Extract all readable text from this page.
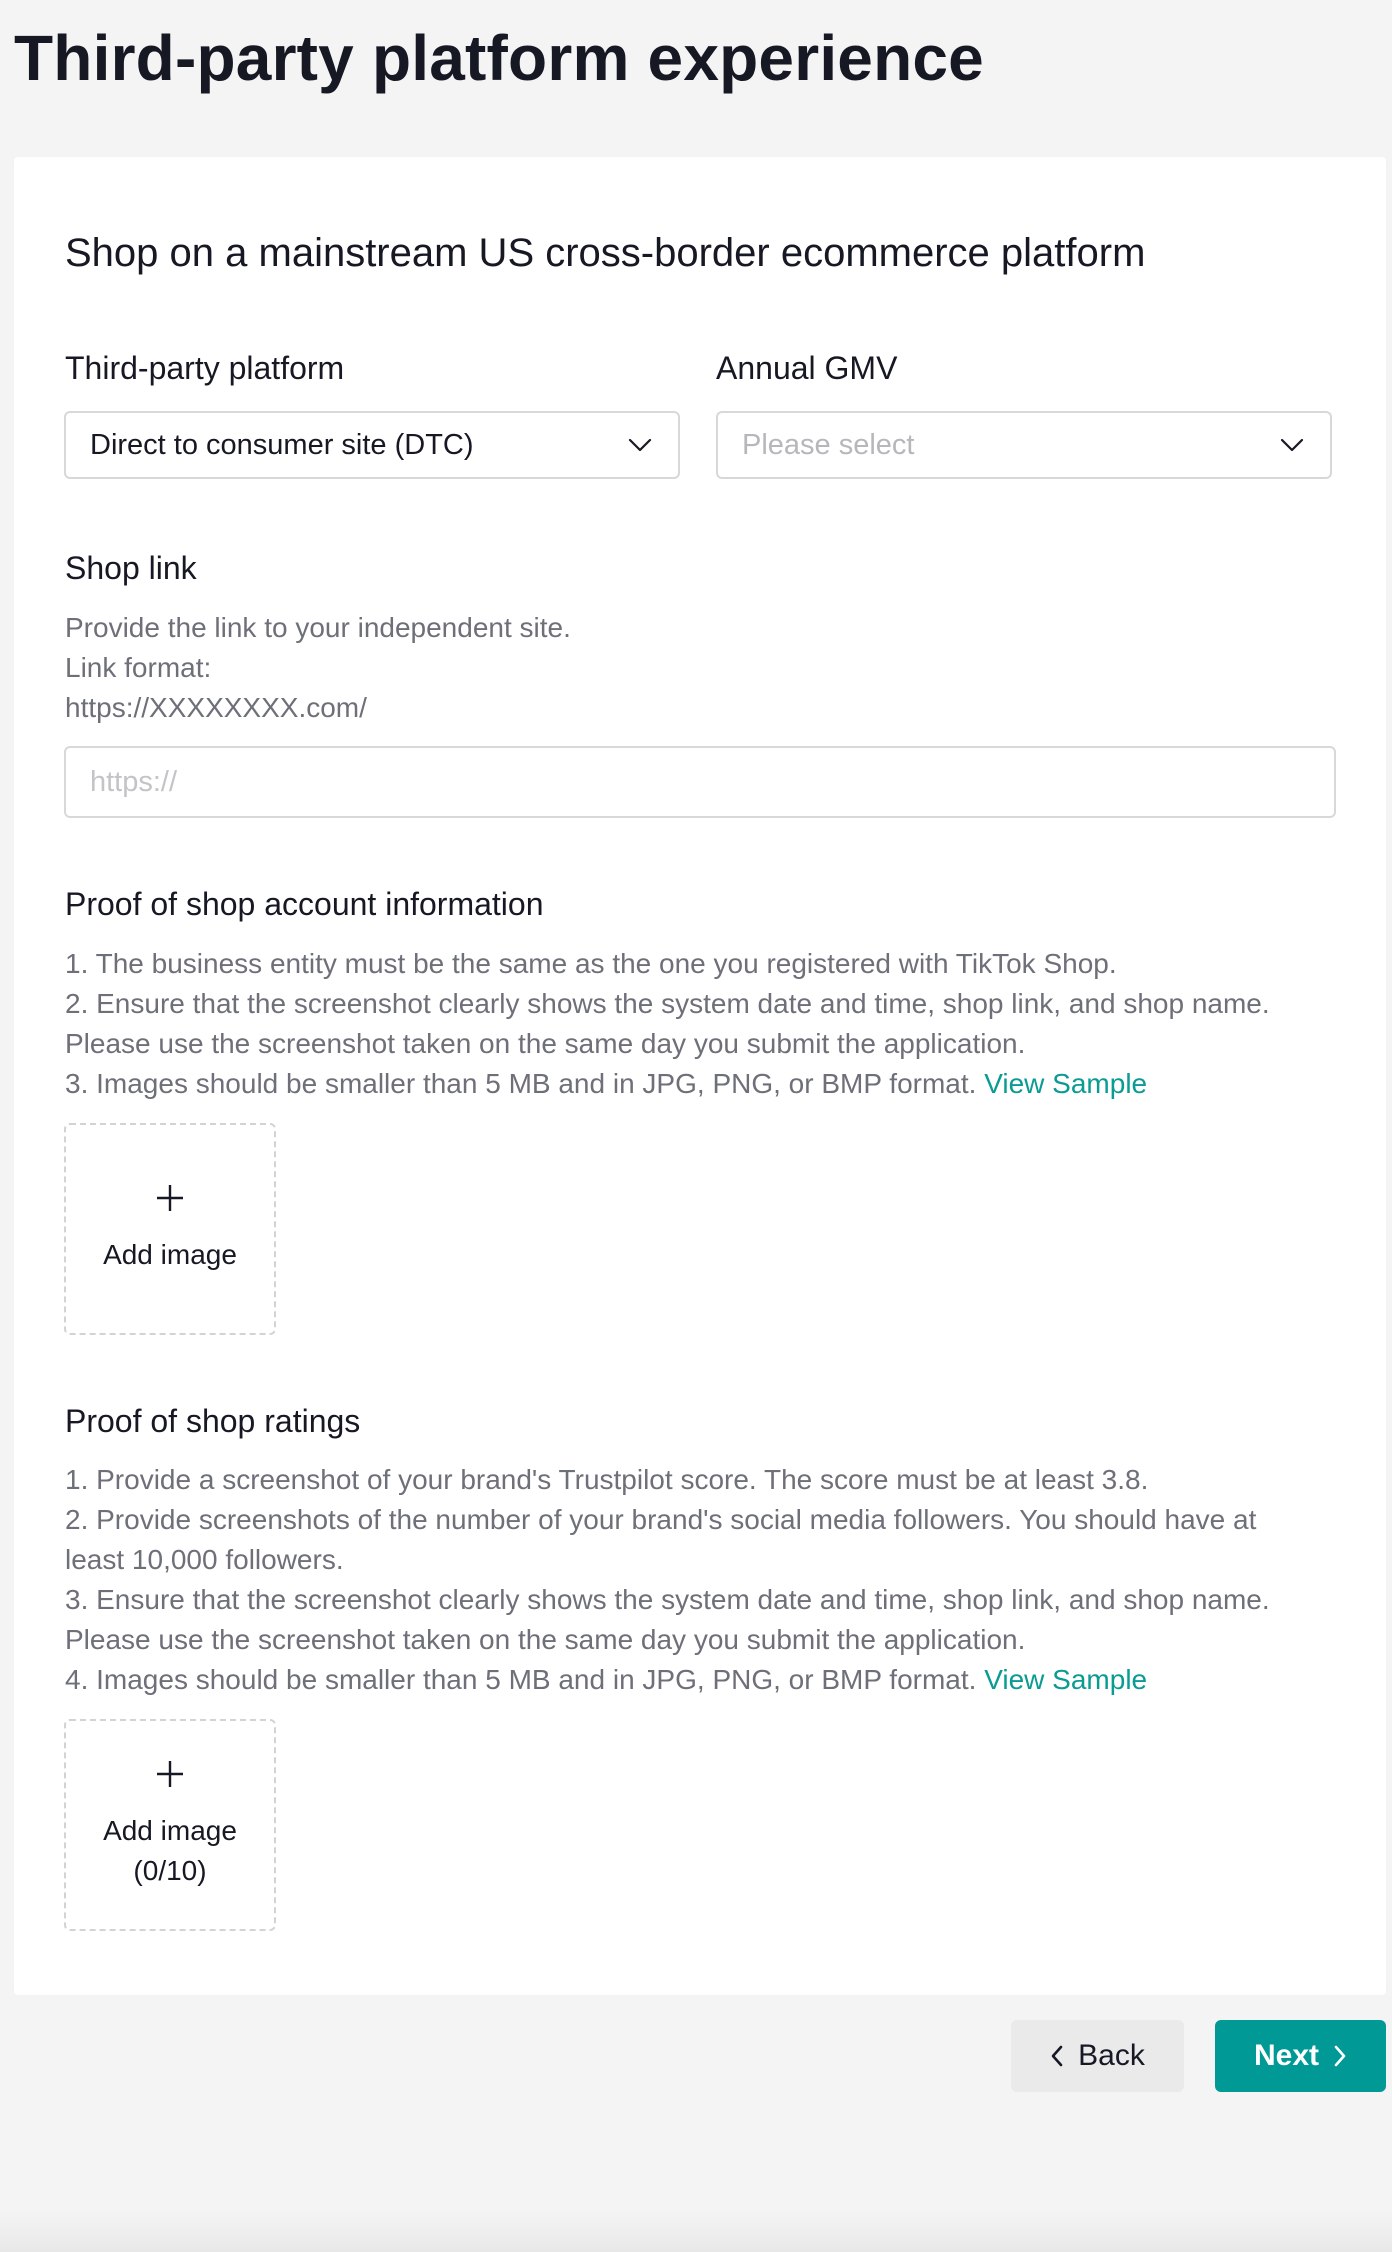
Third-party platform experience
Shop on a mainstream US cross-border ecommerce platform
Third-party platform
Direct to consumer site (DTC)
Annual GMV
Please select
Shop link

Provide the link to your independent site.

Link format:

https://XXXXXXXX.com/

https://
Proof of shop account information

1. The business entity must be the same as the one you registered with TikTok Shop.

2. Ensure that the screenshot clearly shows the system date and time, shop link, and shop name.

Please use the screenshot taken on the same day you submit the application.

3. Images should be smaller than 5 MB and in JPG, PNG, or BMP format. View Sample

Add image
Proof of shop ratings

1. Provide a screenshot of your brand's Trustpilot score. The score must be at least 3.8.

2. Provide screenshots of the number of your brand's social media followers. You should have at

least 10,000 followers.

3. Ensure that the screenshot clearly shows the system date and time, shop link, and shop name.

Please use the screenshot taken on the same day you submit the application.

4. Images should be smaller than 5 MB and in JPG, PNG, or BMP format. View Sample

Add image
(0/10)
Back	Next
